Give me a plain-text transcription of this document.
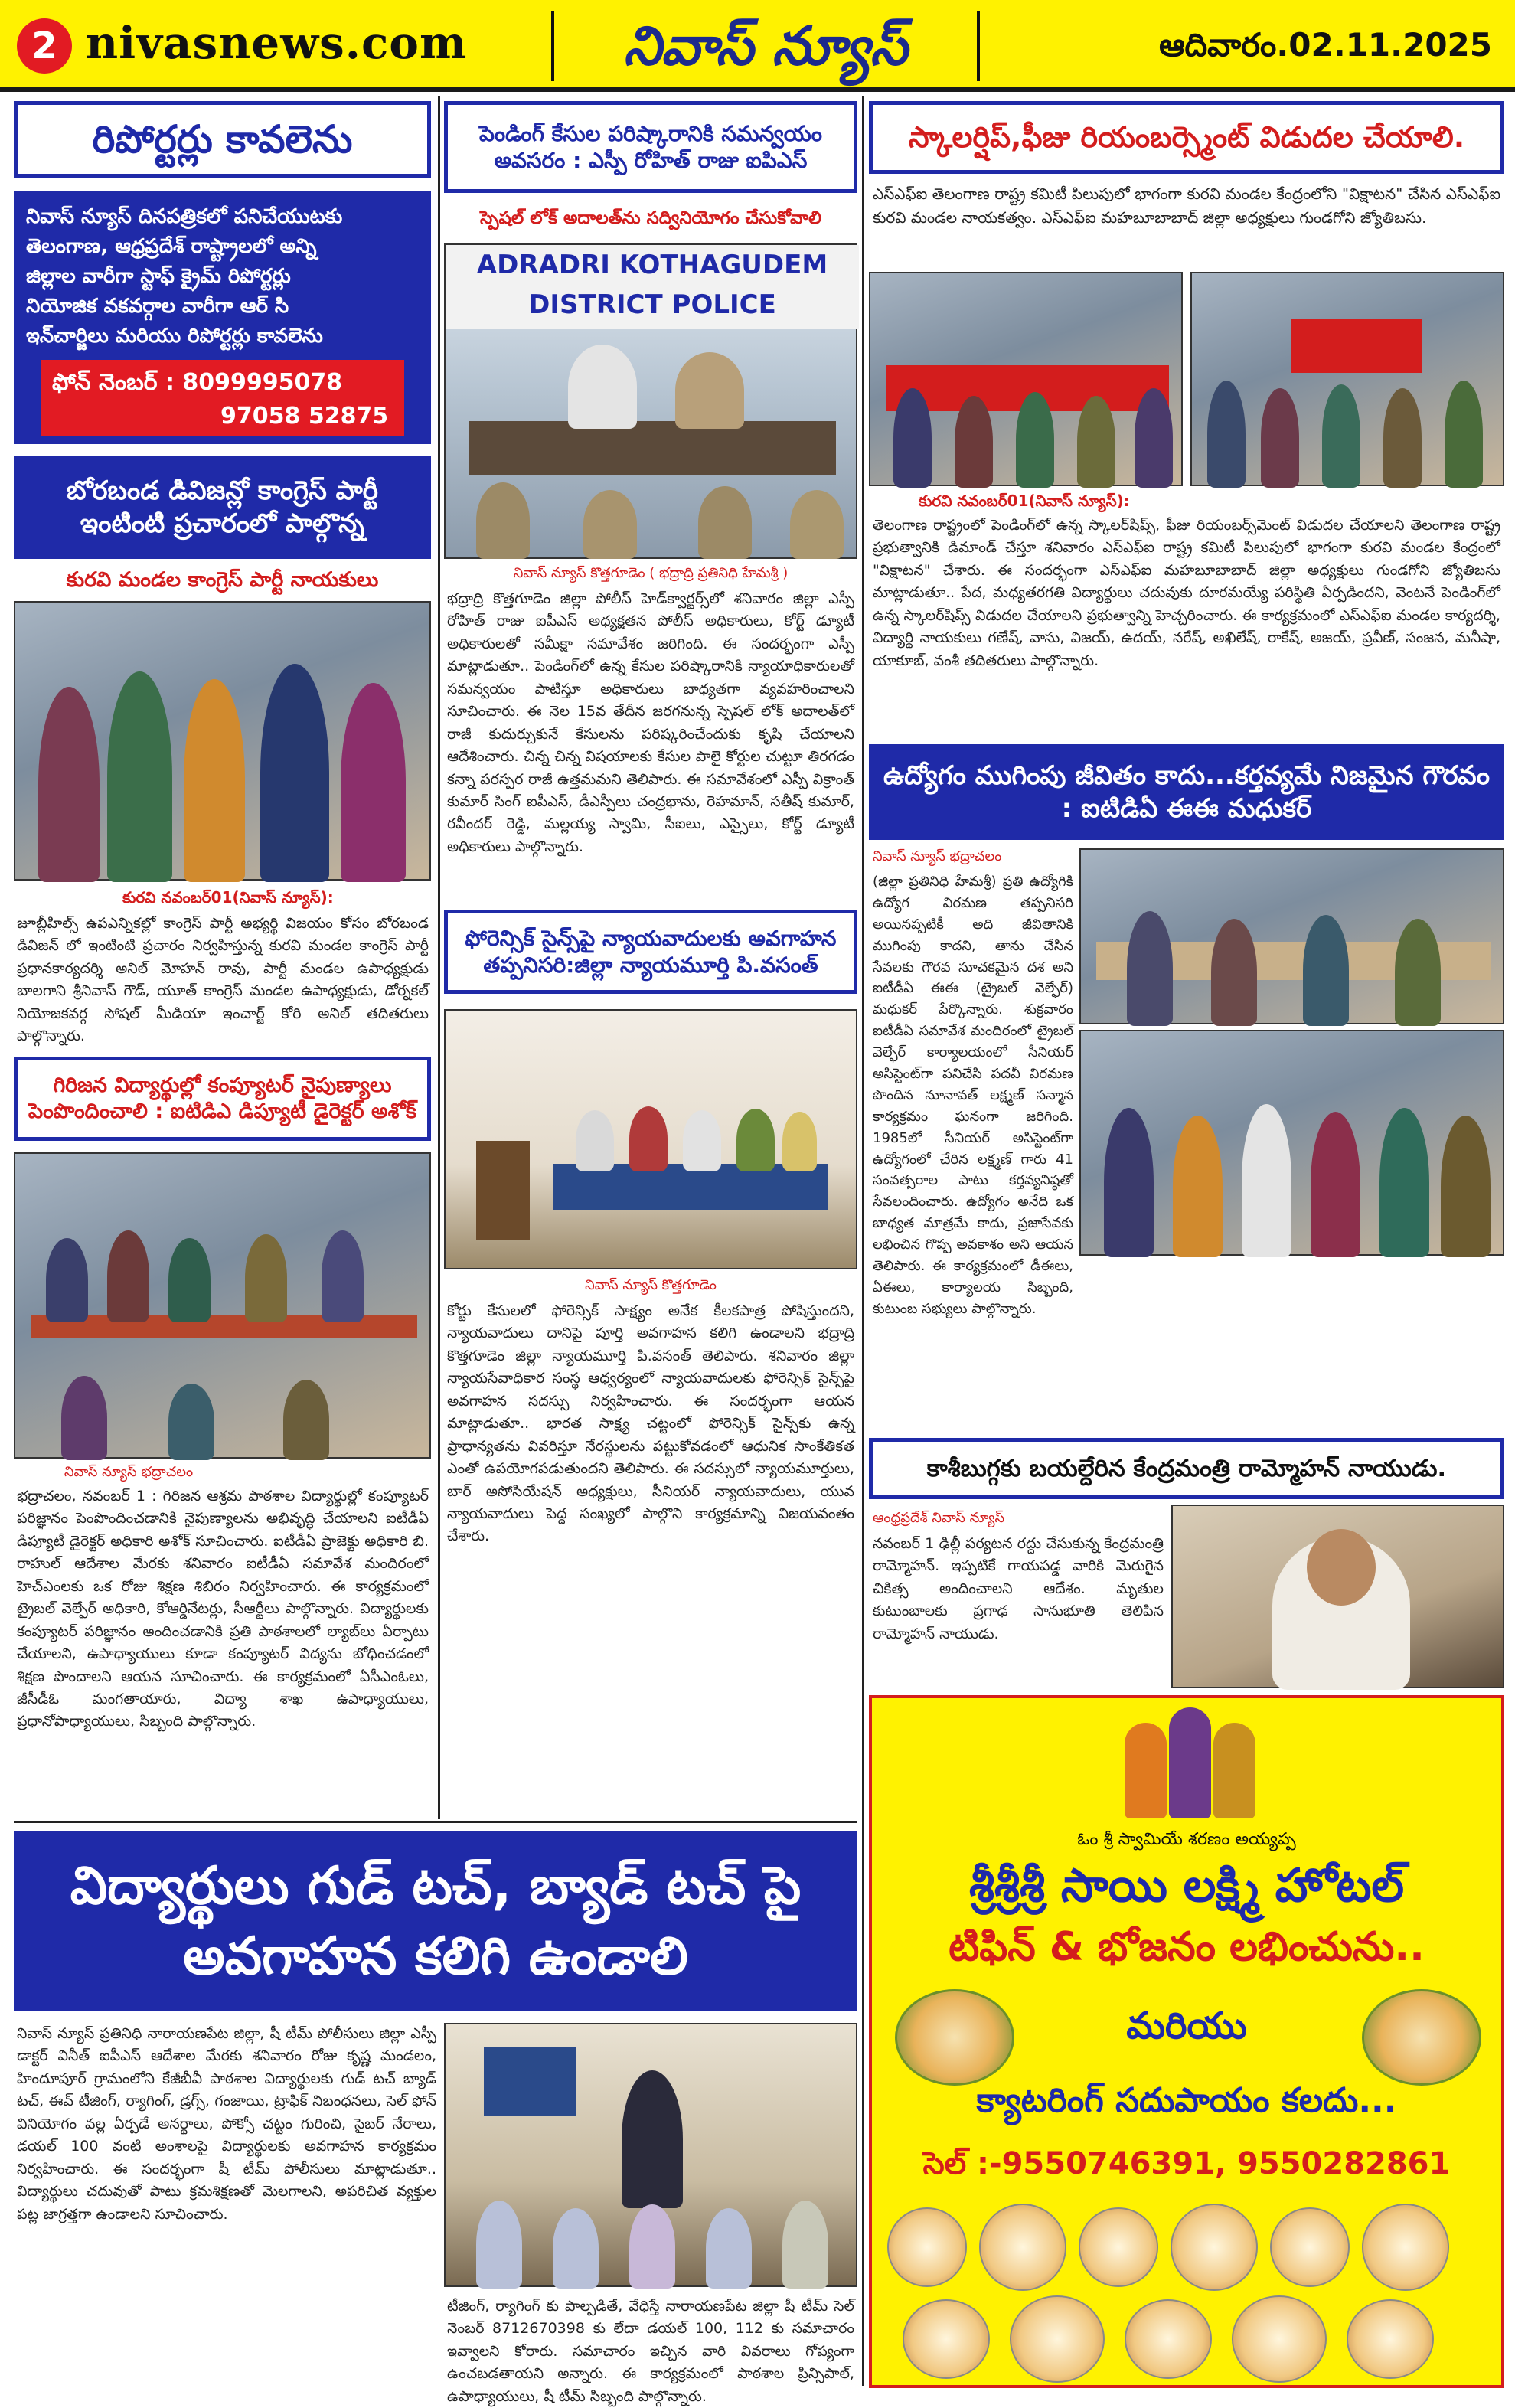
2 nivasnews.com	నివాస్ న్యూస్	ఆదివారం.02.11.2025
రిపోర్టర్లు కావలెను

నివాస్ న్యూస్ దినపత్రికలో పనిచేయుటకు

తెలంగాణ, ఆధ్రప్రదేశ్ రాష్ట్రాలలో అన్ని

జిల్లాల వారీగా స్టాఫ్ క్రైమ్ రిపోర్టర్లు

నియోజిక వకవర్గాల వారీగా ఆర్ సి

ఇన్‌చార్జిలు మరియు రిపోర్టర్లు కావలెను

ఫోన్ నెంబర్ : 8099995078
97058 52875
బోరబండ డివిజన్లో కాంగ్రెస్ పార్టీ ఇంటింటి ప్రచారంలో పాల్గొన్న
కురవి మండల కాంగ్రెస్ పార్టీ నాయకులు
కురవి నవంబర్01(నివాస్ న్యూస్):
జూబ్లీహిల్స్ ఉపఎన్నికల్లో కాంగ్రెస్ పార్టీ అభ్యర్థి విజయం కోసం బోరబండ డివిజన్ లో ఇంటింటి ప్రచారం నిర్వహిస్తున్న కురవి మండల కాంగ్రెస్ పార్టీ ప్రధానకార్యదర్శి అనిల్ మోహన్ రావు, పార్టీ మండల ఉపాధ్యక్షుడు బాలగాని శ్రీనివాస్ గౌడ్, యూత్ కాంగ్రెస్ మండల ఉపాధ్యక్షుడు, డోర్నకల్ నియోజకవర్గ సోషల్ మీడియా ఇంచార్జ్ కోరి అనిల్ తదితరులు పాల్గొన్నారు.
గిరిజన విద్యార్థుల్లో కంప్యూటర్ నైపుణ్యాలు పెంపొందించాలి : ఐటిడిఎ డిప్యూటీ డైరెక్టర్ అశోక్
నివాస్ న్యూస్ భద్రాచలం
భద్రాచలం, నవంబర్ 1 : గిరిజన ఆశ్రమ పాఠశాల విద్యార్థుల్లో కంప్యూటర్ పరిజ్ఞానం పెంపొందించడానికి నైపుణ్యాలను అభివృద్ధి చేయాలని ఐటీడీఏ డిప్యూటీ డైరెక్టర్ అధికారి అశోక్ సూచించారు. ఐటీడీఏ ప్రాజెక్టు అధికారి బి. రాహుల్ ఆదేశాల మేరకు శనివారం ఐటీడీఏ సమావేశ మందిరంలో హెచ్ఎంలకు ఒక రోజు శిక్షణ శిబిరం నిర్వహించారు. ఈ కార్యక్రమంలో ట్రైబల్ వెల్ఫేర్ అధికారి, కోఆర్డినేటర్లు, సీఆర్టీలు పాల్గొన్నారు. విద్యార్థులకు కంప్యూటర్ పరిజ్ఞానం అందించడానికి ప్రతి పాఠశాలలో ల్యాబ్‌లు ఏర్పాటు చేయాలని, ఉపాధ్యాయులు కూడా కంప్యూటర్ విద్యను బోధించడంలో శిక్షణ పొందాలని ఆయన సూచించారు. ఈ కార్యక్రమంలో ఏసీఎంఓలు, జీసీడీఓ మంగతాయారు, విద్యా శాఖ ఉపాధ్యాయులు, ప్రధానోపాధ్యాయులు, సిబ్బంది పాల్గొన్నారు.
పెండింగ్ కేసుల పరిష్కారానికి సమన్వయం అవసరం : ఎస్పీ రోహిత్ రాజు ఐపిఎస్
స్పెషల్ లోక్ అదాలత్‌ను సద్వినియోగం చేసుకోవాలి
ADRADRI KOTHAGUDEM DISTRICT POLICE
నివాస్ న్యూస్ కొత్తగూడెం ( భద్రాద్రి ప్రతినిధి హేమశ్రీ )
భద్రాద్రి కొత్తగూడెం జిల్లా పోలీస్ హెడ్‌క్వార్టర్స్‌లో శనివారం జిల్లా ఎస్పీ రోహిత్ రాజు ఐపీఎస్ అధ్యక్షతన పోలీస్ అధికారులు, కోర్ట్ డ్యూటీ అధికారులతో సమీక్షా సమావేశం జరిగింది. ఈ సందర్భంగా ఎస్పీ మాట్లాడుతూ.. పెండింగ్‌లో ఉన్న కేసుల పరిష్కారానికి న్యాయాధికారులతో సమన్వయం పాటిస్తూ అధికారులు బాధ్యతగా వ్యవహరించాలని సూచించారు. ఈ నెల 15వ తేదీన జరగనున్న స్పెషల్ లోక్ అదాలత్‌లో రాజీ కుదుర్చుకునే కేసులను పరిష్కరించేందుకు కృషి చేయాలని ఆదేశించారు. చిన్న చిన్న విషయాలకు కేసుల పాలై కోర్టుల చుట్టూ తిరగడం కన్నా పరస్పర రాజీ ఉత్తమమని తెలిపారు. ఈ సమావేశంలో ఎస్పీ విక్రాంత్ కుమార్ సింగ్ ఐపీఎస్, డీఎస్పీలు చంద్రభాను, రెహమాన్, సతీష్ కుమార్, రవీందర్ రెడ్డి, మల్లయ్య స్వామి, సీఐలు, ఎస్సైలు, కోర్ట్ డ్యూటీ అధికారులు పాల్గొన్నారు.
ఫోరెన్సిక్ సైన్స్‌పై న్యాయవాదులకు అవగాహన తప్పనిసరి:జిల్లా న్యాయమూర్తి పి.వసంత్
నివాస్ న్యూస్ కొత్తగూడెం
కోర్టు కేసులలో ఫోరెన్సిక్ సాక్ష్యం అనేక కీలకపాత్ర పోషిస్తుందని, న్యాయవాదులు దానిపై పూర్తి అవగాహన కలిగి ఉండాలని భద్రాద్రి కొత్తగూడెం జిల్లా న్యాయమూర్తి పి.వసంత్ తెలిపారు. శనివారం జిల్లా న్యాయసేవాధికార సంస్థ ఆధ్వర్యంలో న్యాయవాదులకు ఫోరెన్సిక్ సైన్స్‌పై అవగాహన సదస్సు నిర్వహించారు. ఈ సందర్భంగా ఆయన మాట్లాడుతూ.. భారత సాక్ష్య చట్టంలో ఫోరెన్సిక్ సైన్స్‌కు ఉన్న ప్రాధాన్యతను వివరిస్తూ నేరస్థులను పట్టుకోవడంలో ఆధునిక సాంకేతికత ఎంతో ఉపయోగపడుతుందని తెలిపారు. ఈ సదస్సులో న్యాయమూర్తులు, బార్ అసోసియేషన్ అధ్యక్షులు, సీనియర్ న్యాయవాదులు, యువ న్యాయవాదులు పెద్ద సంఖ్యలో పాల్గొని కార్యక్రమాన్ని విజయవంతం చేశారు.
స్కాలర్షిప్,ఫీజు రియంబర్స్మెంట్ విడుదల చేయాలి.
ఎస్ఎఫ్ఐ తెలంగాణ రాష్ట్ర కమిటీ పిలుపులో భాగంగా కురవి మండల కేంద్రంలోని "విక్షాటన" చేసిన ఎస్ఎఫ్ఐ కురవి మండల నాయకత్వం. ఎస్ఎఫ్ఐ మహబూబాబాద్ జిల్లా అధ్యక్షులు గుండగోని జ్యోతిబసు.
కురవి నవంబర్01(నివాస్ న్యూస్):
తెలంగాణ రాష్ట్రంలో పెండింగ్‌లో ఉన్న స్కాలర్‌షిప్స్, ఫీజు రియంబర్స్‌మెంట్ విడుదల చేయాలని తెలంగాణ రాష్ట్ర ప్రభుత్వానికి డిమాండ్ చేస్తూ శనివారం ఎస్ఎఫ్ఐ రాష్ట్ర కమిటీ పిలుపులో భాగంగా కురవి మండల కేంద్రంలో "విక్షాటన" చేశారు. ఈ సందర్భంగా ఎస్ఎఫ్ఐ మహబూబాబాద్ జిల్లా అధ్యక్షులు గుండగోని జ్యోతిబసు మాట్లాడుతూ.. పేద, మధ్యతరగతి విద్యార్థులు చదువుకు దూరమయ్యే పరిస్థితి ఏర్పడిందని, వెంటనే పెండింగ్‌లో ఉన్న స్కాలర్‌షిప్స్ విడుదల చేయాలని ప్రభుత్వాన్ని హెచ్చరించారు. ఈ కార్యక్రమంలో ఎస్ఎఫ్ఐ మండల కార్యదర్శి, విద్యార్థి నాయకులు గణేష్, వాసు, విజయ్, ఉదయ్, నరేష్, అఖిలేష్, రాకేష్, అజయ్, ప్రవీణ్, సంజన, మనీషా, యాకూబ్, వంశీ తదితరులు పాల్గొన్నారు.
ఉద్యోగం ముగింపు జీవితం కాదు...కర్తవ్యమే నిజమైన గౌరవం : ఐటిడిఏ ఈఈ మధుకర్
నివాస్ న్యూస్ భద్రాచలం
(జిల్లా ప్రతినిధి హేమశ్రీ) ప్రతి ఉద్యోగికి ఉద్యోగ విరమణ తప్పనిసరి అయినప్పటికీ అది జీవితానికి ముగింపు కాదని, తాను చేసిన సేవలకు గౌరవ సూచకమైన దశ అని ఐటీడీఏ ఈఈ (ట్రైబల్ వెల్ఫేర్) మధుకర్ పేర్కొన్నారు. శుక్రవారం ఐటీడీఏ సమావేశ మందిరంలో ట్రైబల్ వెల్ఫేర్ కార్యాలయంలో సీనియర్ అసిస్టెంట్‌గా పనిచేసి పదవీ విరమణ పొందిన నూనావత్ లక్ష్మణ్ సన్మాన కార్యక్రమం ఘనంగా జరిగింది. 1985లో సీనియర్ అసిస్టెంట్‌గా ఉద్యోగంలో చేరిన లక్ష్మణ్ గారు 41 సంవత్సరాల పాటు కర్తవ్యనిష్ఠతో సేవలందించారు. ఉద్యోగం అనేది ఒక బాధ్యత మాత్రమే కాదు, ప్రజాసేవకు లభించిన గొప్ప అవకాశం అని ఆయన తెలిపారు. ఈ కార్యక్రమంలో డీఈలు, ఏఈలు, కార్యాలయ సిబ్బంది, కుటుంబ సభ్యులు పాల్గొన్నారు.
కాశీబుగ్గకు బయల్దేరిన కేంద్రమంత్రి రామ్మోహన్ నాయుడు.
ఆంధ్రప్రదేశ్ నివాస్ న్యూస్
నవంబర్ 1 ఢిల్లీ పర్యటన రద్దు చేసుకున్న కేంద్రమంత్రి రామ్మోహన్. ఇప్పటికే గాయపడ్డ వారికి మెరుగైన చికిత్స అందించాలని ఆదేశం. మృతుల కుటుంబాలకు ప్రగాఢ సానుభూతి తెలిపిన రామ్మోహన్ నాయుడు.
విద్యార్థులు గుడ్ టచ్, బ్యాడ్ టచ్ పై అవగాహన కలిగి ఉండాలి
నివాస్ న్యూస్ ప్రతినిధి నారాయణపేట జిల్లా, షీ టీమ్ పోలీసులు జిల్లా ఎస్పీ డాక్టర్ వినీత్ ఐపీఎస్ ఆదేశాల మేరకు శనివారం రోజు కృష్ణ మండలం, హిందూపూర్ గ్రామంలోని కేజీబీవీ పాఠశాల విద్యార్థులకు గుడ్ టచ్ బ్యాడ్ టచ్, ఈవ్ టీజింగ్, ర్యాగింగ్, డ్రగ్స్, గంజాయి, ట్రాఫిక్ నిబంధనలు, సెల్ ఫోన్ వినియోగం వల్ల ఏర్పడే అనర్థాలు, పోక్సో చట్టం గురించి, సైబర్ నేరాలు, డయల్ 100 వంటి అంశాలపై విద్యార్థులకు అవగాహన కార్యక్రమం నిర్వహించారు. ఈ సందర్భంగా షీ టీమ్ పోలీసులు మాట్లాడుతూ.. విద్యార్థులు చదువుతో పాటు క్రమశిక్షణతో మెలగాలని, అపరిచిత వ్యక్తుల పట్ల జాగ్రత్తగా ఉండాలని సూచించారు.
టీజింగ్, ర్యాగింగ్ కు పాల్పడితే, వేధిస్తే నారాయణపేట జిల్లా షీ టీమ్ సెల్ నెంబర్ 8712670398 కు లేదా డయల్ 100, 112 కు సమాచారం ఇవ్వాలని కోరారు. సమాచారం ఇచ్చిన వారి వివరాలు గోప్యంగా ఉంచబడతాయని అన్నారు. ఈ కార్యక్రమంలో పాఠశాల ప్రిన్సిపాల్, ఉపాధ్యాయులు, షీ టీమ్ సిబ్బంది పాల్గొన్నారు.
ఓం శ్రీ స్వామియే శరణం అయ్యప్ప
శ్రీశ్రీశ్రీ సాయి లక్ష్మి హోటల్
టిఫిన్ & భోజనం లభించును..
మరియు
క్యాటరింగ్ సదుపాయం కలదు...
సెల్ :-9550746391, 9550282861
